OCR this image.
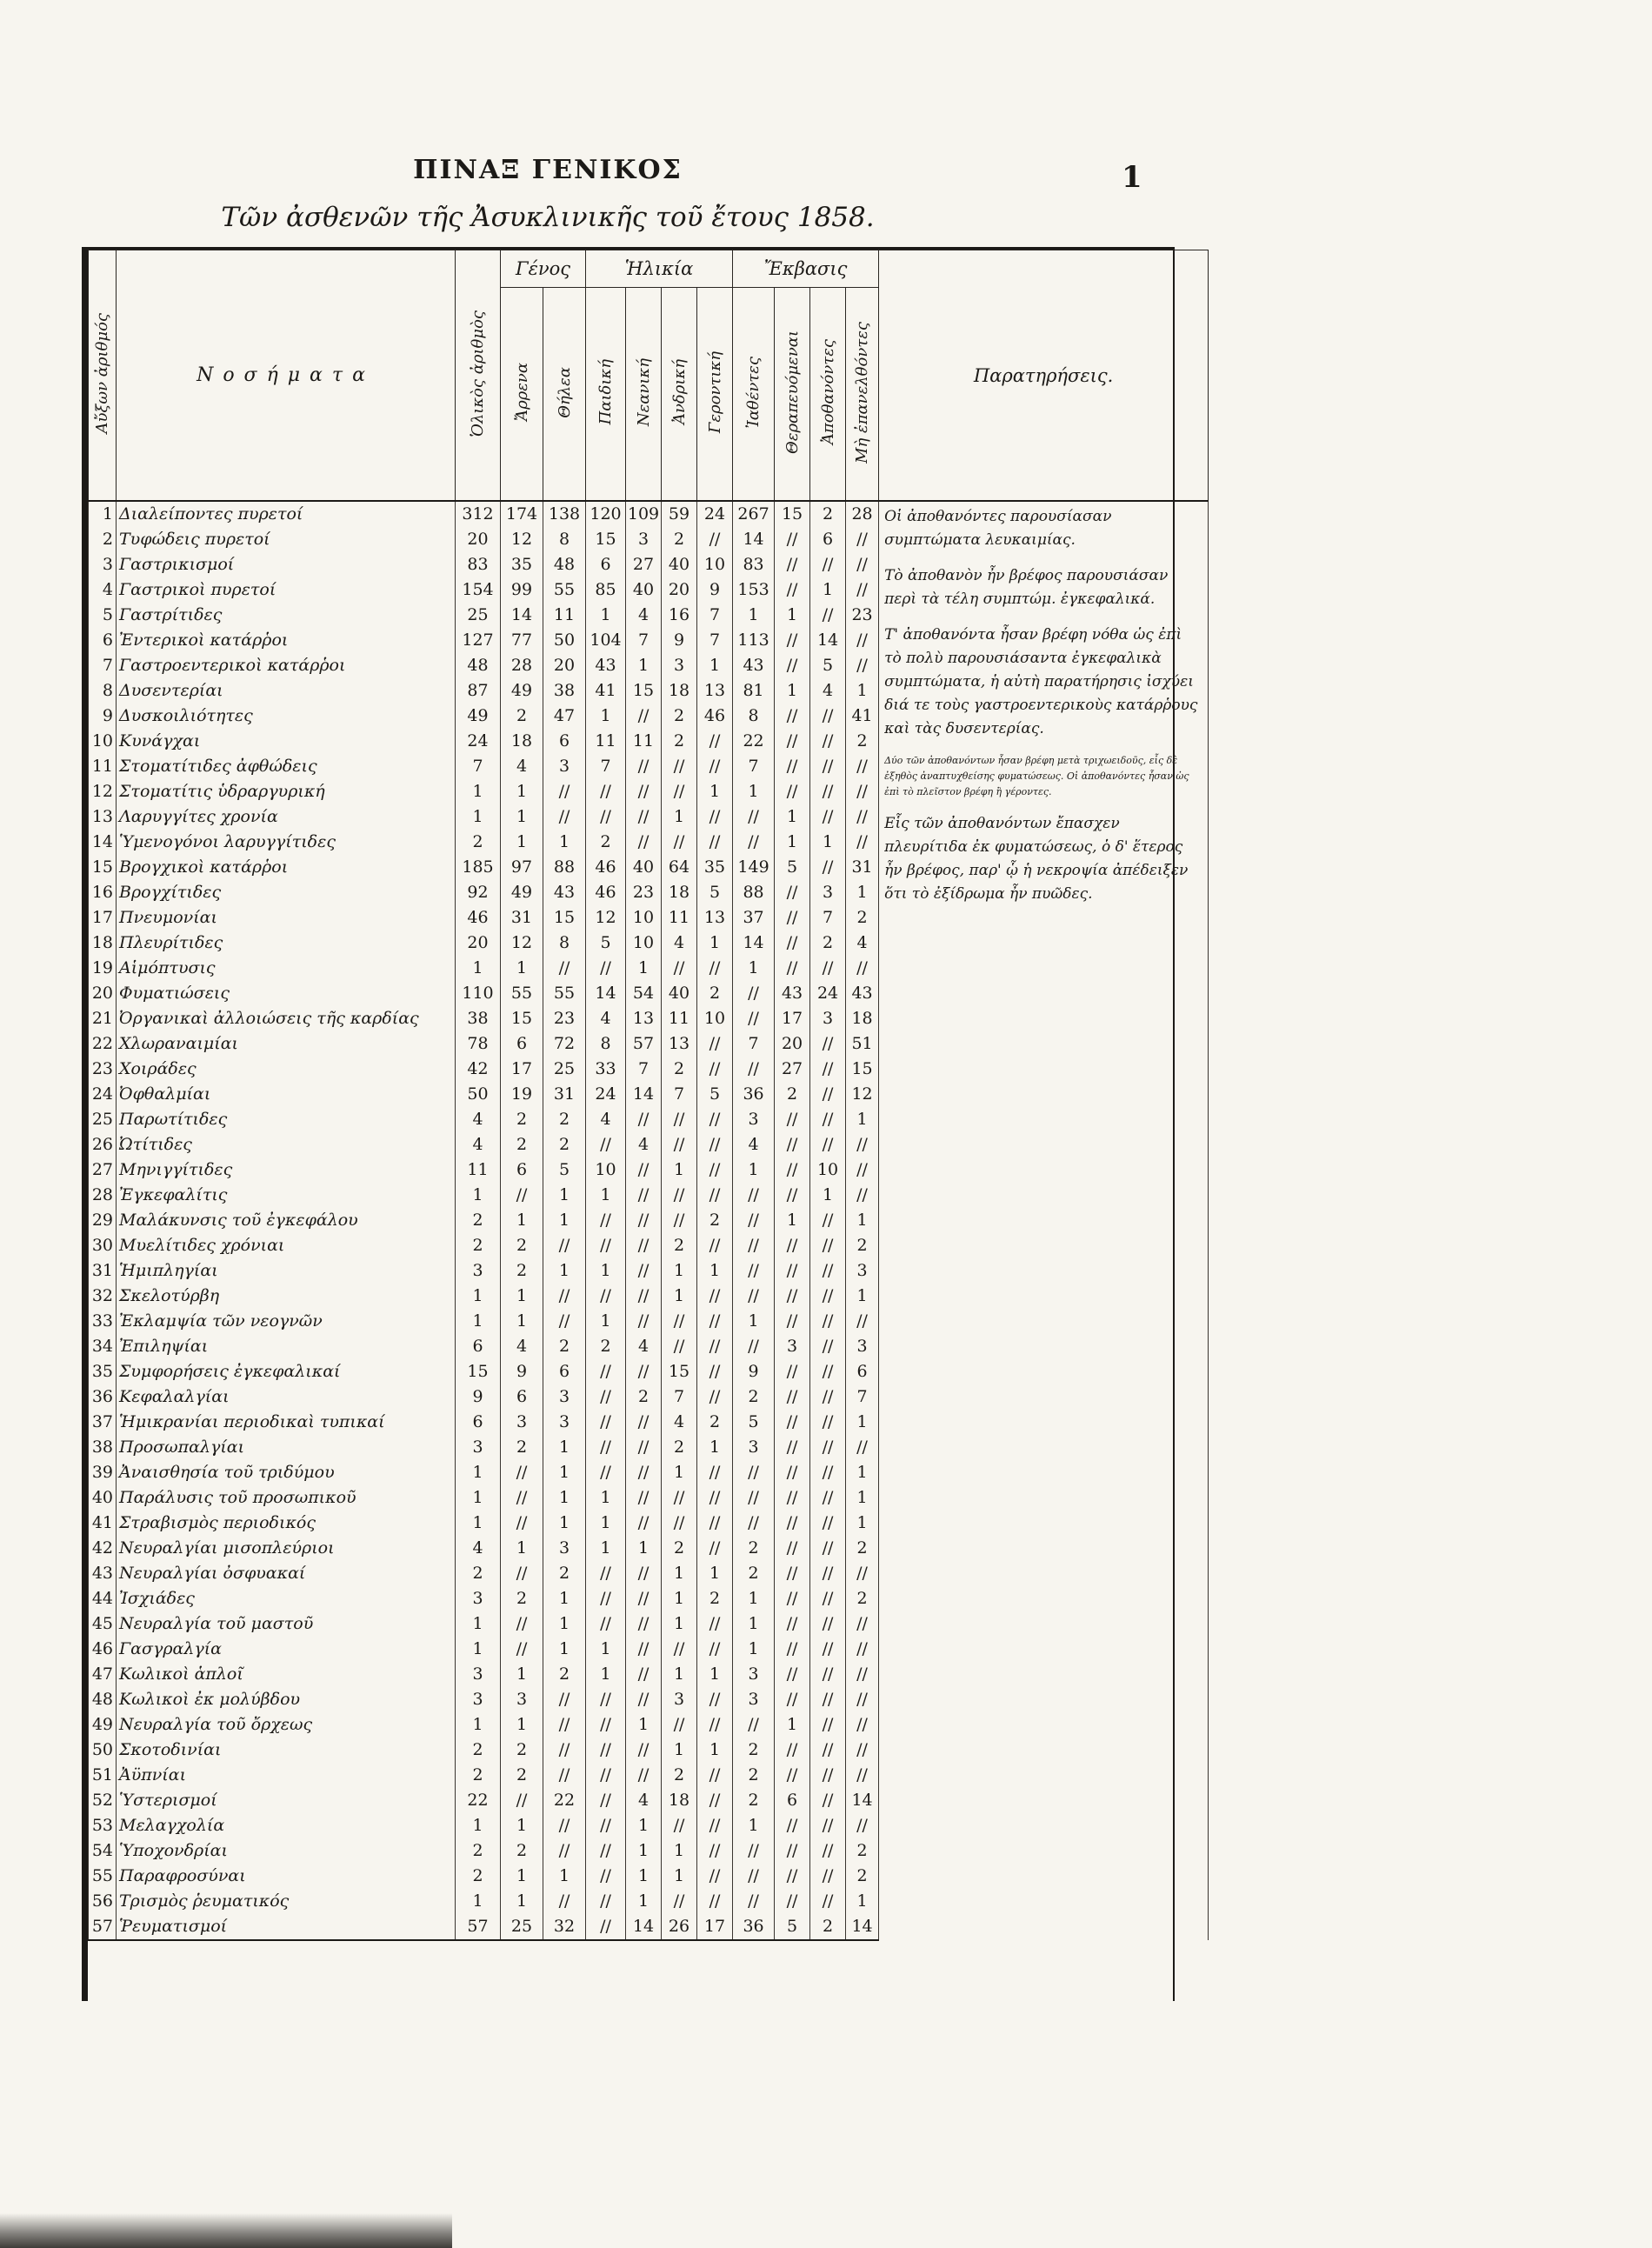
ΠΙΝΑΞ ΓΕΝΙΚΟΣ
Τῶν ἀσθενῶν τῆς Ἀσυκλινικῆς τοῦ ἔτους 1858.
1
Αὔξων ἀριθμός	Νοσήματα	Ὁλικὸς ἀριθμὸς	Γένος		Ἡλικία				Ἔκβασις				Παρατηρήσεις.
			Ἄρρενα	Θήλεα	Παιδική	Νεανική	Ἀνδρική	Γεροντική	Ἰαθέντες	Θεραπευόμεναι	Ἀποθανόντες	Μὴ ἐπανελθόντες	
1	Διαλείποντες πυρετοί	312	174	138	120	109	59	24	267	15	2	28	Οἱ ἀποθανόντες παρουσίασαν συμπτώματα λευκαιμίας.
Τὸ ἀποθανὸν ἦν βρέφος παρουσιάσαν περὶ τὰ τέλη συμπτώμ. ἐγκεφαλικά.
Τ' ἀποθανόντα ἦσαν βρέφη νόθα ὡς ἐπὶ τὸ πολὺ παρουσιάσαντα ἐγκεφαλικὰ συμπτώματα, ἡ αὐτὴ παρατήρησις ἰσχύει διά τε τοὺς γαστροεντερικοὺς κατάρῥους καὶ τὰς δυσεντερίας.
Δύο τῶν ἀποθανόντων ἦσαν βρέφη μετὰ τριχωειδοῦς, εἷς δὲ ἐξηθὸς ἀναπτυχθείσης φυματώσεως. Οἱ ἀποθανόντες ἦσαν ὡς ἐπὶ τὸ πλεῖστον βρέφη ἢ γέροντες.
Εἷς τῶν ἀποθανόντων ἔπασχεν πλευρίτιδα ἐκ φυματώσεως, ὁ δ' ἕτερος ἦν βρέφος, παρ' ᾧ ἡ νεκροψία ἀπέδειξεν ὅτι τὸ ἐξίδρωμα ἦν πυῶδες.

2	Τυφώδεις πυρετοί	20	12	8	15	3	2	//	14	//	6	//	
3	Γαστρικισμοί	83	35	48	6	27	40	10	83	//	//	//	
4	Γαστρικοὶ πυρετοί	154	99	55	85	40	20	9	153	//	1	//	
5	Γαστρίτιδες	25	14	11	1	4	16	7	1	1	//	23	
6	Ἐντερικοὶ κατάρῥοι	127	77	50	104	7	9	7	113	//	14	//	
7	Γαστροεντερικοὶ κατάρῥοι	48	28	20	43	1	3	1	43	//	5	//	
8	Δυσεντερίαι	87	49	38	41	15	18	13	81	1	4	1	
9	Δυσκοιλιότητες	49	2	47	1	//	2	46	8	//	//	41	
10	Κυνάγχαι	24	18	6	11	11	2	//	22	//	//	2	
11	Στοματίτιδες ἀφθώδεις	7	4	3	7	//	//	//	7	//	//	//	
12	Στοματίτις ὑδραργυρική	1	1	//	//	//	//	1	1	//	//	//	
13	Λαρυγγίτες χρονία	1	1	//	//	//	1	//	//	1	//	//	
14	Ὑμενογόνοι λαρυγγίτιδες	2	1	1	2	//	//	//	//	1	1	//	
15	Βρογχικοὶ κατάρῥοι	185	97	88	46	40	64	35	149	5	//	31	
16	Βρογχίτιδες	92	49	43	46	23	18	5	88	//	3	1	
17	Πνευμονίαι	46	31	15	12	10	11	13	37	//	7	2	
18	Πλευρίτιδες	20	12	8	5	10	4	1	14	//	2	4	
19	Αἱμόπτυσις	1	1	//	//	1	//	//	1	//	//	//	
20	Φυματιώσεις	110	55	55	14	54	40	2	//	43	24	43	
21	Ὀργανικαὶ ἀλλοιώσεις τῆς καρδίας	38	15	23	4	13	11	10	//	17	3	18	
22	Χλωραναιμίαι	78	6	72	8	57	13	//	7	20	//	51	
23	Χοιράδες	42	17	25	33	7	2	//	//	27	//	15	
24	Ὀφθαλμίαι	50	19	31	24	14	7	5	36	2	//	12	
25	Παρωτίτιδες	4	2	2	4	//	//	//	3	//	//	1	
26	Ὠτίτιδες	4	2	2	//	4	//	//	4	//	//	//	
27	Μηνιγγίτιδες	11	6	5	10	//	1	//	1	//	10	//	
28	Ἐγκεφαλίτις	1	//	1	1	//	//	//	//	//	1	//	
29	Μαλάκυνσις τοῦ ἐγκεφάλου	2	1	1	//	//	//	2	//	1	//	1	
30	Μυελίτιδες χρόνιαι	2	2	//	//	//	2	//	//	//	//	2	
31	Ἡμιπληγίαι	3	2	1	1	//	1	1	//	//	//	3	
32	Σκελοτύρβη	1	1	//	//	//	1	//	//	//	//	1	
33	Ἐκλαμψία τῶν νεογνῶν	1	1	//	1	//	//	//	1	//	//	//	
34	Ἐπιληψίαι	6	4	2	2	4	//	//	//	3	//	3	
35	Συμφορήσεις ἐγκεφαλικαί	15	9	6	//	//	15	//	9	//	//	6	
36	Κεφαλαλγίαι	9	6	3	//	2	7	//	2	//	//	7	
37	Ἡμικρανίαι περιοδικαὶ τυπικαί	6	3	3	//	//	4	2	5	//	//	1	
38	Προσωπαλγίαι	3	2	1	//	//	2	1	3	//	//	//	
39	Ἀναισθησία τοῦ τριδύμου	1	//	1	//	//	1	//	//	//	//	1	
40	Παράλυσις τοῦ προσωπικοῦ	1	//	1	1	//	//	//	//	//	//	1	
41	Στραβισμὸς περιοδικός	1	//	1	1	//	//	//	//	//	//	1	
42	Νευραλγίαι μισοπλεύριοι	4	1	3	1	1	2	//	2	//	//	2	
43	Νευραλγίαι ὀσφυακαί	2	//	2	//	//	1	1	2	//	//	//	
44	Ἰσχιάδες	3	2	1	//	//	1	2	1	//	//	2	
45	Νευραλγία τοῦ μαστοῦ	1	//	1	//	//	1	//	1	//	//	//	
46	Γασγραλγία	1	//	1	1	//	//	//	1	//	//	//	
47	Κωλικοὶ ἁπλοῖ	3	1	2	1	//	1	1	3	//	//	//	
48	Κωλικοὶ ἐκ μολύβδου	3	3	//	//	//	3	//	3	//	//	//	
49	Νευραλγία τοῦ ὄρχεως	1	1	//	//	1	//	//	//	1	//	//	
50	Σκοτοδινίαι	2	2	//	//	//	1	1	2	//	//	//	
51	Ἀϋπνίαι	2	2	//	//	//	2	//	2	//	//	//	
52	Ὑστερισμοί	22	//	22	//	4	18	//	2	6	//	14	
53	Μελαγχολία	1	1	//	//	1	//	//	1	//	//	//	
54	Ὑποχονδρίαι	2	2	//	//	1	1	//	//	//	//	2	
55	Παραφροσύναι	2	1	1	//	1	1	//	//	//	//	2	
56	Τρισμὸς ῥευματικός	1	1	//	//	1	//	//	//	//	//	1	
57	Ῥευματισμοί	57	25	32	//	14	26	17	36	5	2	14	
